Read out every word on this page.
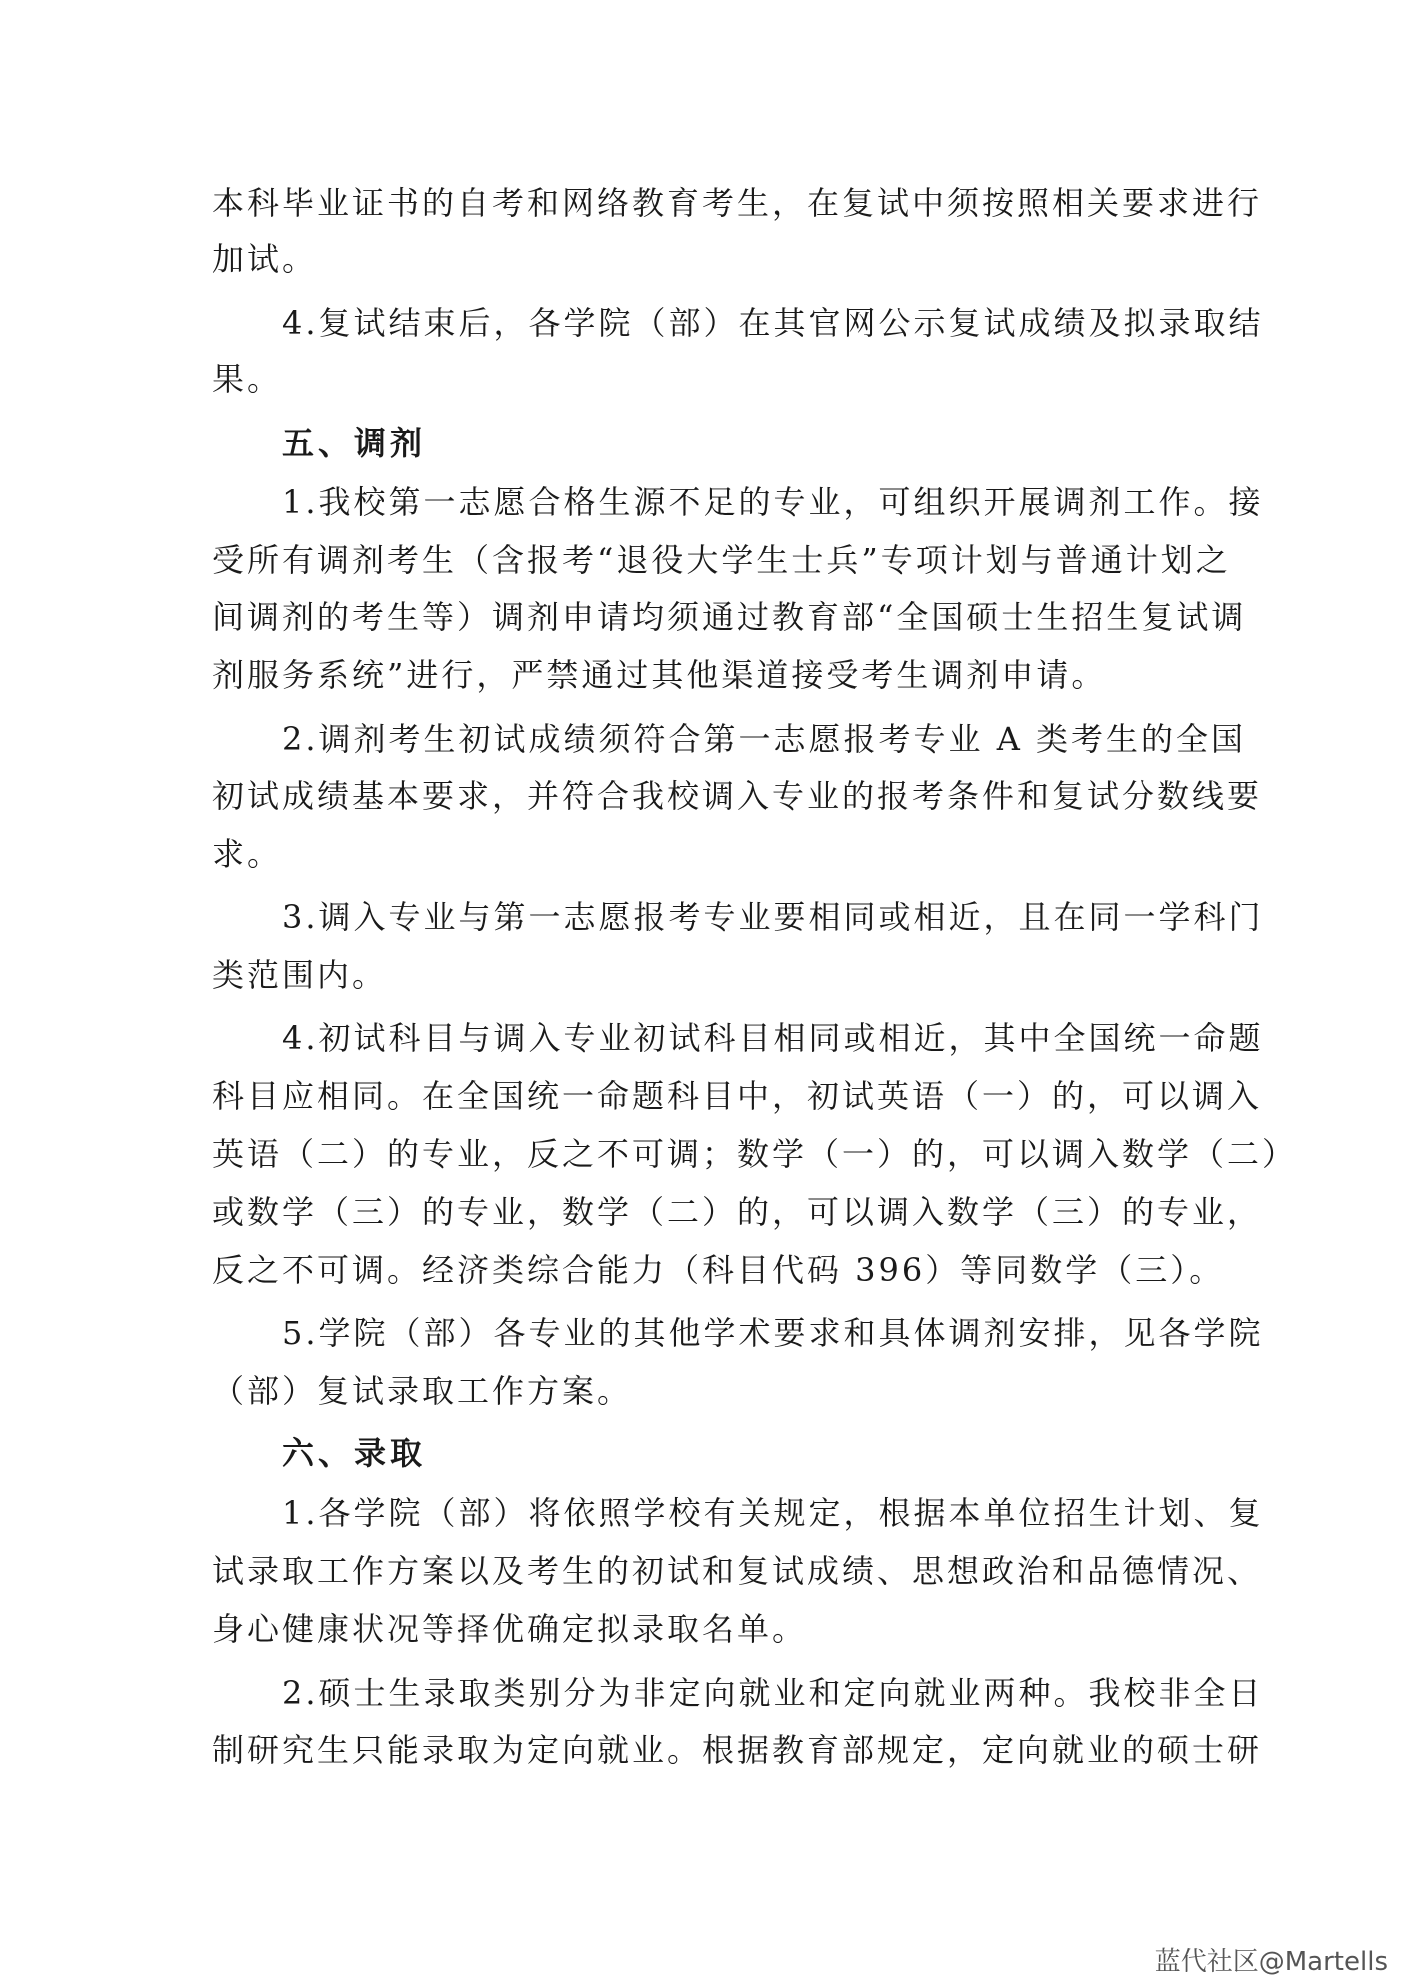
本科毕业证书的自考和网络教育考生，在复试中须按照相关要求进行
加试。
4.复试结束后，各学院（部）在其官网公示复试成绩及拟录取结
果。
五、调剂
1.我校第一志愿合格生源不足的专业，可组织开展调剂工作。接
受所有调剂考生（含报考“退役大学生士兵”专项计划与普通计划之
间调剂的考生等）调剂申请均须通过教育部“全国硕士生招生复试调
剂服务系统”进行，严禁通过其他渠道接受考生调剂申请。
2.调剂考生初试成绩须符合第一志愿报考专业 A 类考生的全国
初试成绩基本要求，并符合我校调入专业的报考条件和复试分数线要
求。
3.调入专业与第一志愿报考专业要相同或相近，且在同一学科门
类范围内。
4.初试科目与调入专业初试科目相同或相近，其中全国统一命题
科目应相同。在全国统一命题科目中，初试英语（一）的，可以调入
英语（二）的专业，反之不可调；数学（一）的，可以调入数学（二）
或数学（三）的专业，数学（二）的，可以调入数学（三）的专业，
反之不可调。经济类综合能力（科目代码 396）等同数学（三）。
5.学院（部）各专业的其他学术要求和具体调剂安排，见各学院
（部）复试录取工作方案。
六、录取
1.各学院（部）将依照学校有关规定，根据本单位招生计划、复
试录取工作方案以及考生的初试和复试成绩、思想政治和品德情况、
身心健康状况等择优确定拟录取名单。
2.硕士生录取类别分为非定向就业和定向就业两种。我校非全日
制研究生只能录取为定向就业。根据教育部规定，定向就业的硕士研
蓝代社区@Martells
